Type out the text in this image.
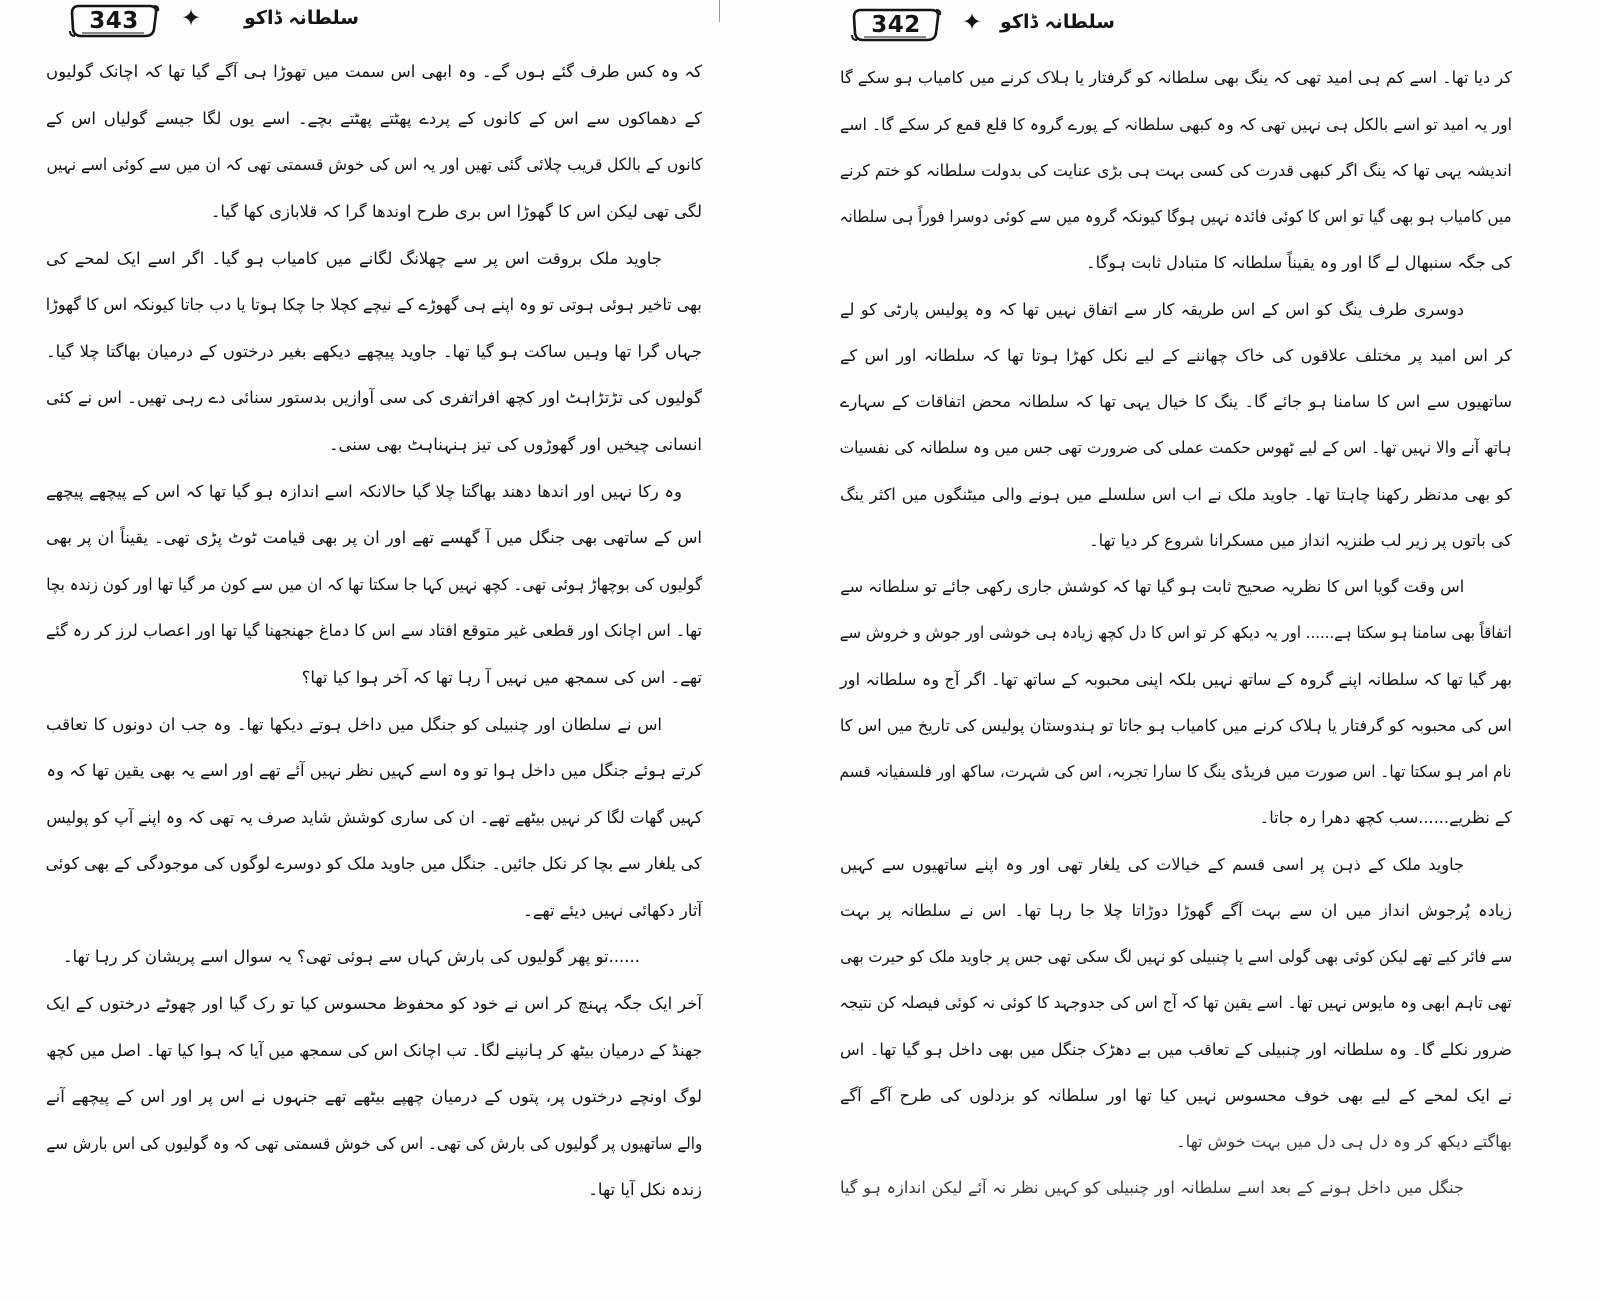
343	✦ سلطانہ ڈاکو
کہ وہ کس طرف گئے ہوں گے۔ وہ ابھی اس سمت میں تھوڑا ہی آگے گیا تھا کہ اچانک گولیوں
کے دھماکوں سے اس کے کانوں کے پردے پھٹتے پھٹتے بچے۔ اسے یوں لگا جیسے گولیاں اس کے
کانوں کے بالکل قریب چلائی گئی تھیں اور یہ اس کی خوش قسمتی تھی کہ ان میں سے کوئی اسے نہیں
لگی تھی لیکن اس کا گھوڑا اس بری طرح اوندھا گرا کہ قلابازی کھا گیا۔
جاوید ملک بروقت اس پر سے چھلانگ لگانے میں کامیاب ہو گیا۔ اگر اسے ایک لمحے کی
بھی تاخیر ہوئی ہوتی تو وہ اپنے ہی گھوڑے کے نیچے کچلا جا چکا ہوتا یا دب جاتا کیونکہ اس کا گھوڑا
جہاں گرا تھا وہیں ساکت ہو گیا تھا۔ جاوید پیچھے دیکھے بغیر درختوں کے درمیان بھاگتا چلا گیا۔
گولیوں کی تڑتڑاہٹ اور کچھ افراتفری کی سی آوازیں بدستور سنائی دے رہی تھیں۔ اس نے کئی
انسانی چیخیں اور گھوڑوں کی تیز ہنہناہٹ بھی سنی۔
وہ رکا نہیں اور اندھا دھند بھاگتا چلا گیا حالانکہ اسے اندازہ ہو گیا تھا کہ اس کے پیچھے پیچھے
اس کے ساتھی بھی جنگل میں آ گھسے تھے اور ان پر بھی قیامت ٹوٹ پڑی تھی۔ یقیناً ان پر بھی
گولیوں کی بوچھاڑ ہوئی تھی۔ کچھ نہیں کہا جا سکتا تھا کہ ان میں سے کون مر گیا تھا اور کون زندہ بچا
تھا۔ اس اچانک اور قطعی غیر متوقع افتاد سے اس کا دماغ جھنجھنا گیا تھا اور اعصاب لرز کر رہ گئے
تھے۔ اس کی سمجھ میں نہیں آ رہا تھا کہ آخر ہوا کیا تھا؟
اس نے سلطان اور چنبیلی کو جنگل میں داخل ہوتے دیکھا تھا۔ وہ جب ان دونوں کا تعاقب
کرتے ہوئے جنگل میں داخل ہوا تو وہ اسے کہیں نظر نہیں آئے تھے اور اسے یہ بھی یقین تھا کہ وہ
کہیں گھات لگا کر نہیں بیٹھے تھے۔ ان کی ساری کوشش شاید صرف یہ تھی کہ وہ اپنے آپ کو پولیس
کی یلغار سے بچا کر نکل جائیں۔ جنگل میں جاوید ملک کو دوسرے لوگوں کی موجودگی کے بھی کوئی
آثار دکھائی نہیں دیئے تھے۔
......تو پھر گولیوں کی بارش کہاں سے ہوئی تھی؟ یہ سوال اسے پریشان کر رہا تھا۔
آخر ایک جگہ پہنچ کر اس نے خود کو محفوظ محسوس کیا تو رک گیا اور چھوٹے درختوں کے ایک
جھنڈ کے درمیان بیٹھ کر ہانپنے لگا۔ تب اچانک اس کی سمجھ میں آیا کہ ہوا کیا تھا۔ اصل میں کچھ
لوگ اونچے درختوں پر، پتوں کے درمیان چھپے بیٹھے تھے جنہوں نے اس پر اور اس کے پیچھے آنے
والے ساتھیوں پر گولیوں کی بارش کی تھی۔ اس کی خوش قسمتی تھی کہ وہ گولیوں کی اس بارش سے
زندہ نکل آیا تھا۔
342	✦ سلطانہ ڈاکو
کر دیا تھا۔ اسے کم ہی امید تھی کہ ینگ بھی سلطانہ کو گرفتار یا ہلاک کرنے میں کامیاب ہو سکے گا
اور یہ امید تو اسے بالکل ہی نہیں تھی کہ وہ کبھی سلطانہ کے پورے گروہ کا قلع قمع کر سکے گا۔ اسے
اندیشہ یہی تھا کہ ینگ اگر کبھی قدرت کی کسی بہت ہی بڑی عنایت کی بدولت سلطانہ کو ختم کرنے
میں کامیاب ہو بھی گیا تو اس کا کوئی فائدہ نہیں ہوگا کیونکہ گروہ میں سے کوئی دوسرا فوراً ہی سلطانہ
کی جگہ سنبھال لے گا اور وہ یقیناً سلطانہ کا متبادل ثابت ہوگا۔
دوسری طرف ینگ کو اس کے اس طریقہ کار سے اتفاق نہیں تھا کہ وہ پولیس پارٹی کو لے
کر اس امید پر مختلف علاقوں کی خاک چھاننے کے لیے نکل کھڑا ہوتا تھا کہ سلطانہ اور اس کے
ساتھیوں سے اس کا سامنا ہو جائے گا۔ ینگ کا خیال یہی تھا کہ سلطانہ محض اتفاقات کے سہارے
ہاتھ آنے والا نہیں تھا۔ اس کے لیے ٹھوس حکمت عملی کی ضرورت تھی جس میں وہ سلطانہ کی نفسیات
کو بھی مدنظر رکھنا چاہتا تھا۔ جاوید ملک نے اب اس سلسلے میں ہونے والی میٹنگوں میں اکثر ینگ
کی باتوں پر زیر لب طنزیہ انداز میں مسکرانا شروع کر دیا تھا۔
اس وقت گویا اس کا نظریہ صحیح ثابت ہو گیا تھا کہ کوشش جاری رکھی جائے تو سلطانہ سے
اتفاقاً بھی سامنا ہو سکتا ہے...... اور یہ دیکھ کر تو اس کا دل کچھ زیادہ ہی خوشی اور جوش و خروش سے
بھر گیا تھا کہ سلطانہ اپنے گروہ کے ساتھ نہیں بلکہ اپنی محبوبہ کے ساتھ تھا۔ اگر آج وہ سلطانہ اور
اس کی محبوبہ کو گرفتار یا ہلاک کرنے میں کامیاب ہو جاتا تو ہندوستان پولیس کی تاریخ میں اس کا
نام امر ہو سکتا تھا۔ اس صورت میں فریڈی ینگ کا سارا تجربہ، اس کی شہرت، ساکھ اور فلسفیانہ قسم
کے نظریے......سب کچھ دھرا رہ جاتا۔
جاوید ملک کے ذہن پر اسی قسم کے خیالات کی یلغار تھی اور وہ اپنے ساتھیوں سے کہیں
زیادہ پُرجوش انداز میں ان سے بہت آگے گھوڑا دوڑاتا چلا جا رہا تھا۔ اس نے سلطانہ پر بہت
سے فائر کیے تھے لیکن کوئی بھی گولی اسے یا چنبیلی کو نہیں لگ سکی تھی جس پر جاوید ملک کو حیرت بھی
تھی تاہم ابھی وہ مایوس نہیں تھا۔ اسے یقین تھا کہ آج اس کی جدوجہد کا کوئی نہ کوئی فیصلہ کن نتیجہ
ضرور نکلے گا۔ وہ سلطانہ اور چنبیلی کے تعاقب میں بے دھڑک جنگل میں بھی داخل ہو گیا تھا۔ اس
نے ایک لمحے کے لیے بھی خوف محسوس نہیں کیا تھا اور سلطانہ کو بزدلوں کی طرح آگے آگے
بھاگتے دیکھ کر وہ دل ہی دل میں بہت خوش تھا۔
جنگل میں داخل ہونے کے بعد اسے سلطانہ اور چنبیلی کو کہیں نظر نہ آئے لیکن اندازہ ہو گیا
